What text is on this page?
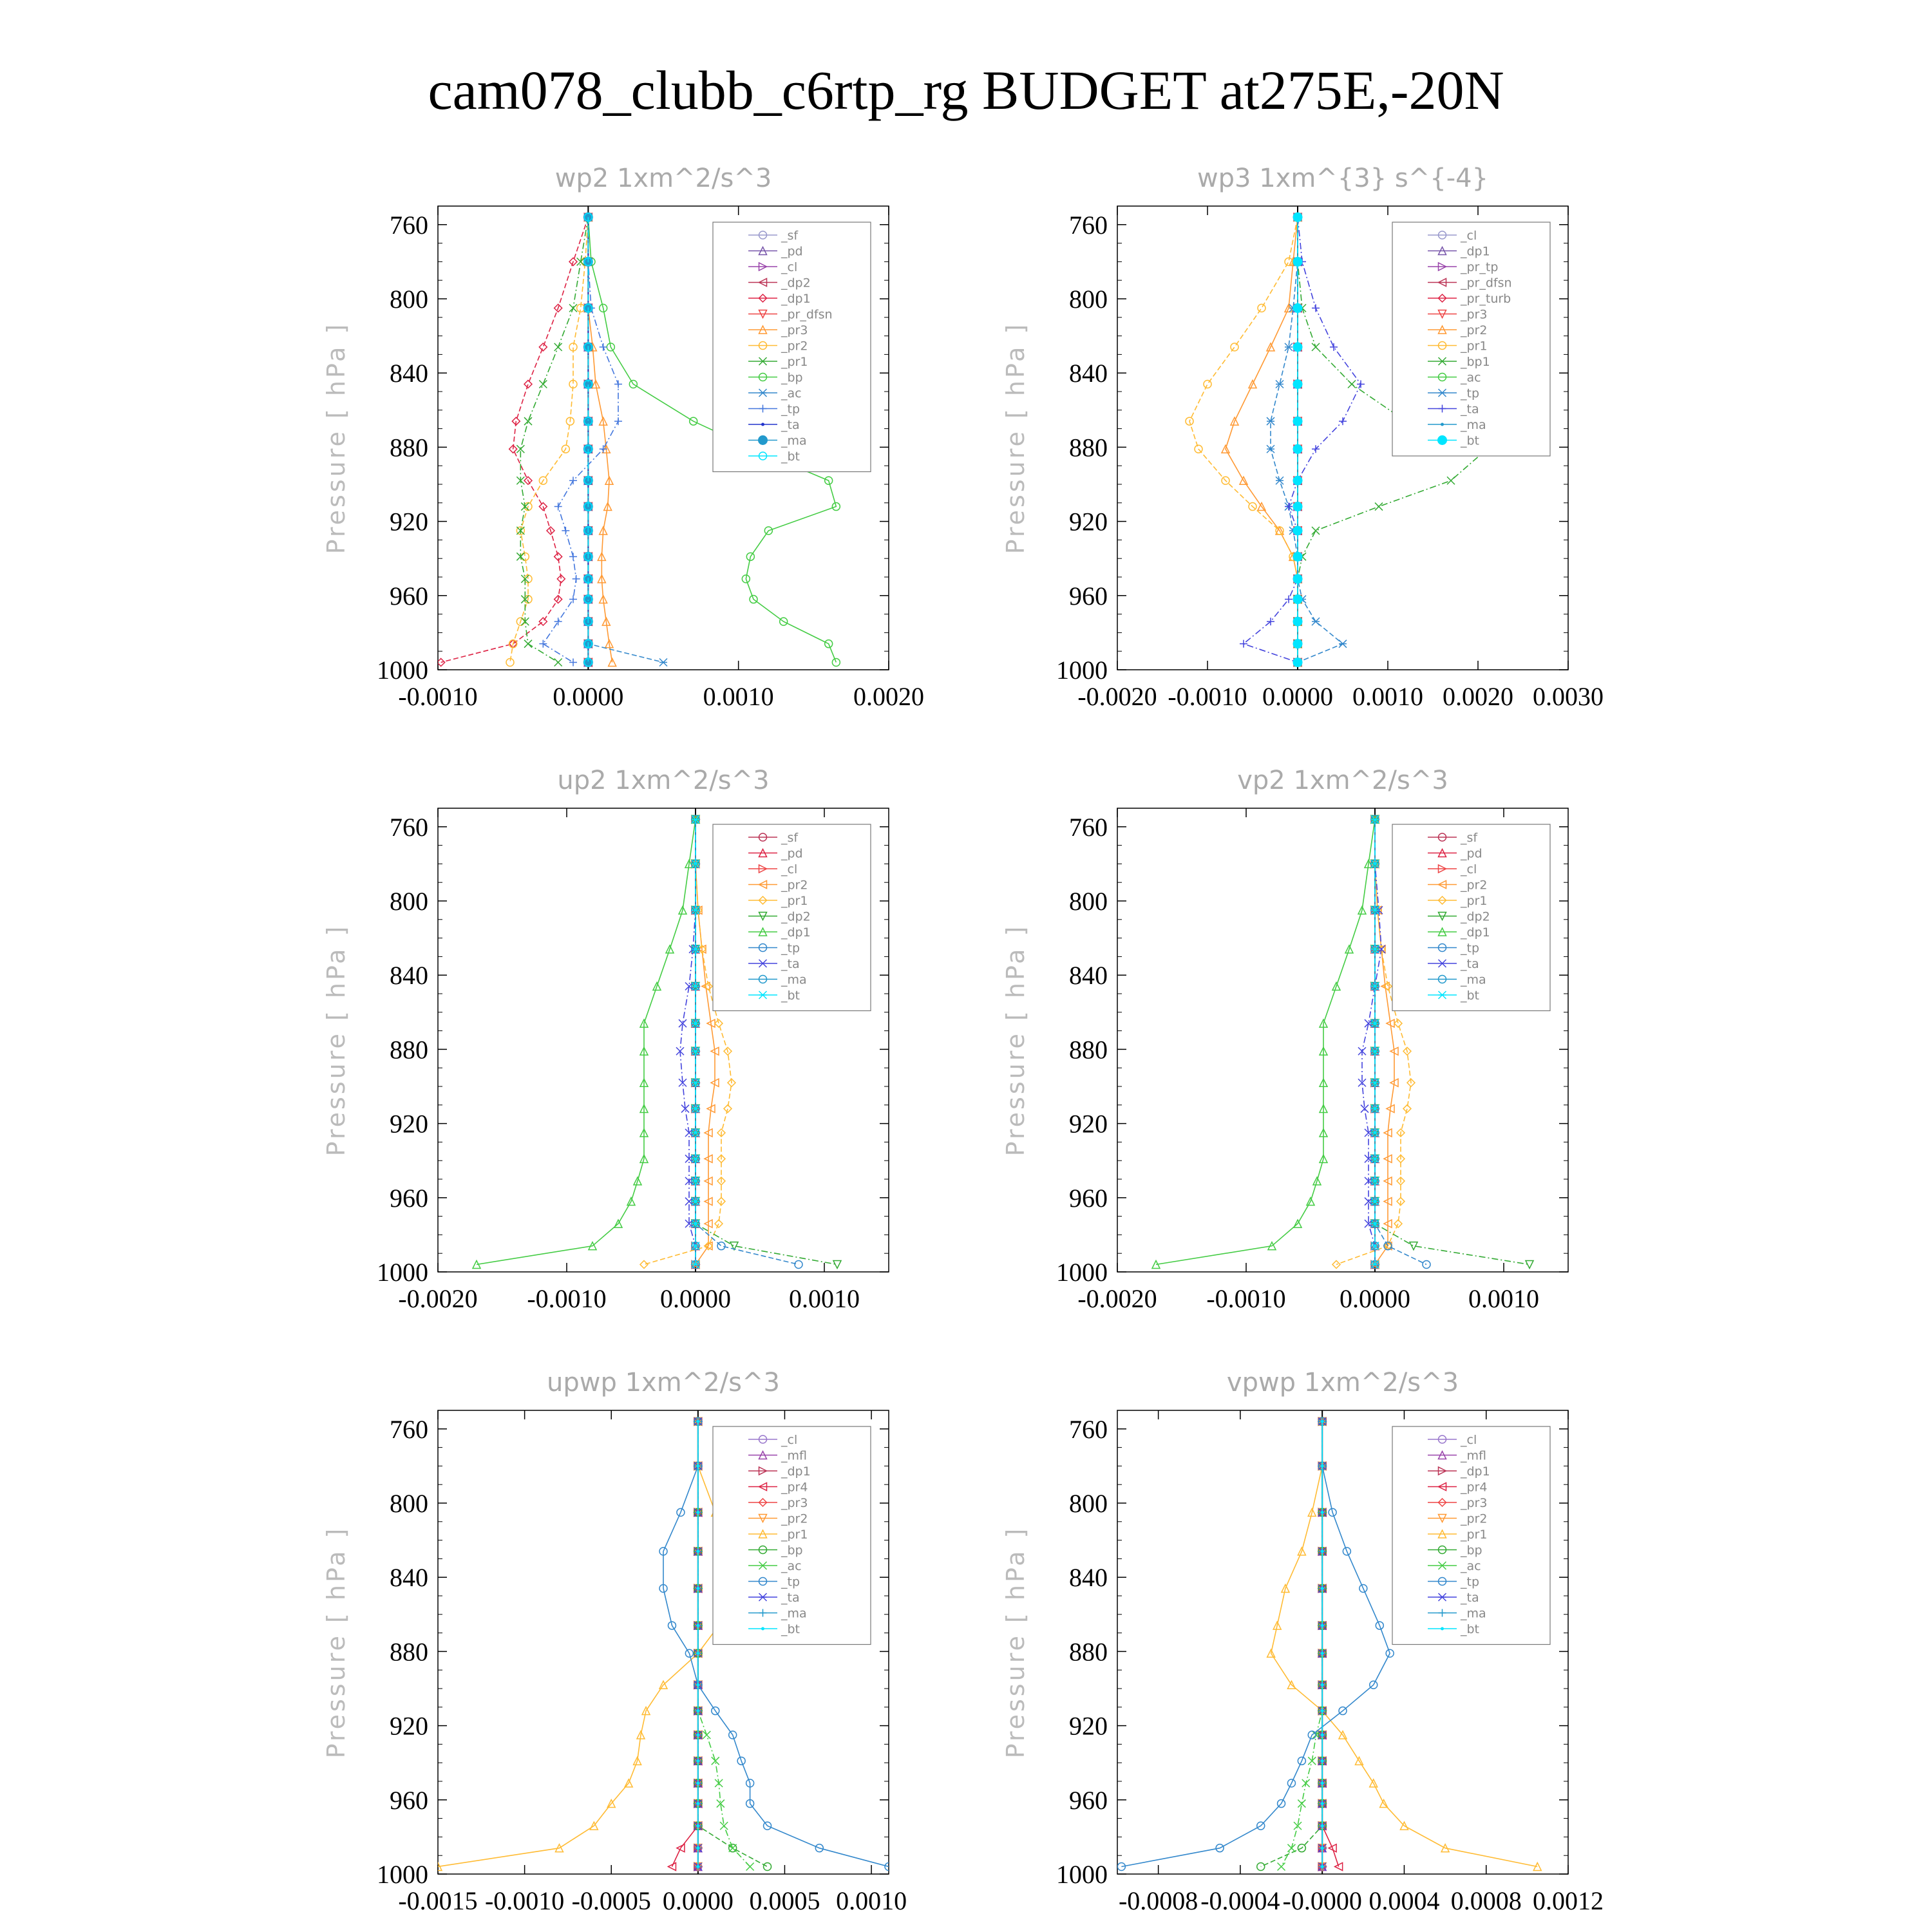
cam078_clubb_c6rtp_rg BUDGET at275E,-20N
wp2 1xm^2/s^3
Pressure [ hPa ]
760
800
840
880
920
960
1000
-0.0010	0.0000	0.0010	0.0020
_sf
_pd
_cl
_dp2
_dp1
_pr_dfsn
_pr3
_pr2
_pr1
_bp
_ac
_tp
_ta
_ma
_bt
wp3 1xm^{3} s^{-4}
Pressure [ hPa ]
760
800
840
880
920
960
1000
-0.0020 -0.0010 0.0000 0.0010 0.0020 0.0030
_cl
_dp1
_pr_tp
_pr_dfsn
_pr_turb
_pr3
_pr2
_pr1
_bp1
_ac
_tp
_ta
_ma
_bt
up2 1xm^2/s^3
Pressure [ hPa ]
760
800
840
880
920
960
1000
-0.0020 -0.0010 0.0000 0.0010
_sf
_pd
_cl
_pr2
_pr1
_dp2
_dp1
_tp
_ta
_ma
_bt
vp2 1xm^2/s^3
Pressure [ hPa ]
760
800
840
880
920
960
1000
-0.0020 -0.0010 0.0000 0.0010
_sf
_pd
_cl
_pr2
_pr1
_dp2
_dp1
_tp
_ta
_ma
_bt
upwp 1xm^2/s^3
Pressure [ hPa ]
760
800
840
880
920
960
1000
-0.0015 -0.0010 -0.0005 0.0000 0.0005 0.0010
_cl
_mfl
_dp1
_pr4
_pr3
_pr2
_pr1
_bp
_ac
_tp
_ta
_ma
_bt
vpwp 1xm^2/s^3
Pressure [ hPa ]
760
800
840
880
920
960
1000
-0.0008 -0.0004 -0.0000 0.0004 0.0008 0.0012
_cl
_mfl
_dp1
_pr4
_pr3
_pr2
_pr1
_bp
_ac
_tp
_ta
_ma
_bt
